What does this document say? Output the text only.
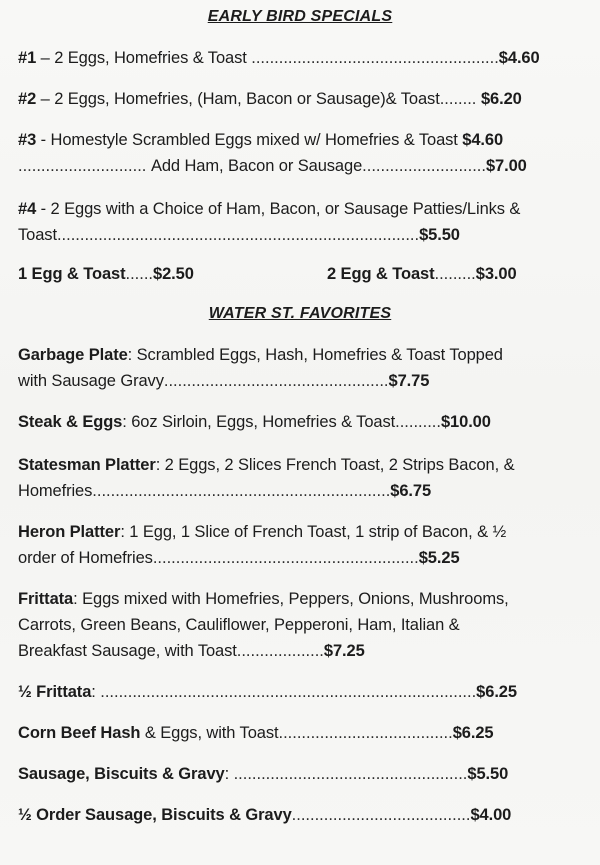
EARLY BIRD SPECIALS
#1 – 2 Eggs, Homefries & Toast ......................................................$4.60
#2 – 2 Eggs, Homefries, (Ham, Bacon or Sausage)& Toast........ $6.20
#3 - Homestyle Scrambled Eggs mixed w/ Homefries & Toast $4.60
............................ Add Ham, Bacon or Sausage...........................$7.00
#4 - 2 Eggs with a Choice of Ham, Bacon, or Sausage Patties/Links &
Toast...............................................................................$5.50
1 Egg & Toast......$2.50	2 Egg & Toast.........$3.00
WATER ST. FAVORITES
Garbage Plate: Scrambled Eggs, Hash, Homefries & Toast Topped
with Sausage Gravy.................................................$7.75
Steak & Eggs: 6oz Sirloin, Eggs, Homefries & Toast..........$10.00
Statesman Platter: 2 Eggs, 2 Slices French Toast, 2 Strips Bacon, &
Homefries.................................................................$6.75
Heron Platter: 1 Egg, 1 Slice of French Toast, 1 strip of Bacon, & ½
order of Homefries..........................................................$5.25
Frittata: Eggs mixed with Homefries, Peppers, Onions, Mushrooms,
Carrots, Green Beans, Cauliflower, Pepperoni, Ham, Italian &
Breakfast Sausage, with Toast...................$7.25
½ Frittata: ..................................................................................$6.25
Corn Beef Hash & Eggs, with Toast......................................$6.25
Sausage, Biscuits & Gravy: ...................................................$5.50
½ Order Sausage, Biscuits & Gravy.......................................$4.00
